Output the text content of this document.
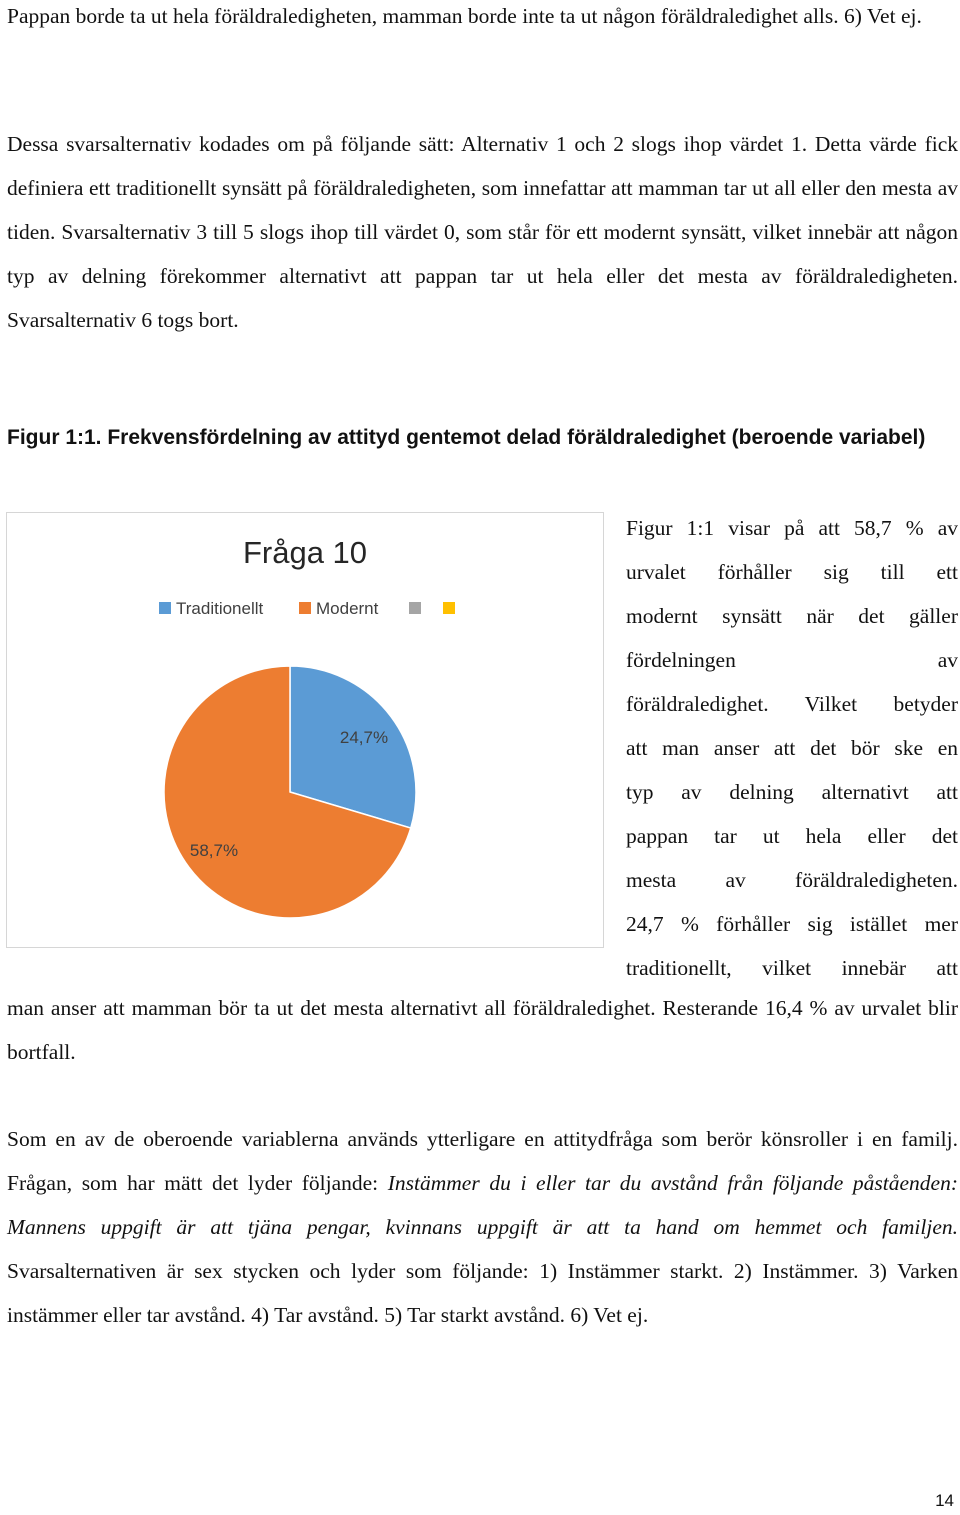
Pappan borde ta ut hela föräldraledigheten, mamman borde inte ta ut någon föräldraledighet alls. 6) Vet ej.

Dessa svarsalternativ kodades om på följande sätt: Alternativ 1 och 2 slogs ihop värdet 1. Detta värde fick definiera ett traditionellt synsätt på föräldraledigheten, som innefattar att mamman tar ut all eller den mesta av tiden. Svarsalternativ 3 till 5 slogs ihop till värdet 0, som står för ett modernt synsätt, vilket innebär att någon typ av delning förekommer alternativt att pappan tar ut hela eller det mesta av föräldraledigheten. Svarsalternativ 6 togs bort.

Figur 1:1. Frekvensfördelning av attityd gentemot delad föräldraledighet (beroende variabel)

Fråga 10
Traditionellt	Modernt
24,7%
58,7%
Figur 1:1 visar på att 58,7 % av
urvalet förhåller sig till ett
modernt synsätt när det gäller
fördelningen av
föräldraledighet. Vilket betyder
att man anser att det bör ske en
typ av delning alternativt att
pappan tar ut hela eller det
mesta av föräldraledigheten.
24,7 % förhåller sig istället mer
traditionellt, vilket innebär att

man anser att mamman bör ta ut det mesta alternativt all föräldraledighet. Resterande 16,4 % av urvalet blir bortfall.

Som en av de oberoende variablerna används ytterligare en attitydfråga som berör könsroller i en familj. Frågan, som har mätt det lyder följande: Instämmer du i eller tar du avstånd från följande påståenden: Mannens uppgift är att tjäna pengar, kvinnans uppgift är att ta hand om hemmet och familjen. Svarsalternativen är sex stycken och lyder som följande: 1) Instämmer starkt. 2) Instämmer. 3) Varken instämmer eller tar avstånd. 4) Tar avstånd. 5) Tar starkt avstånd. 6) Vet ej.

14
